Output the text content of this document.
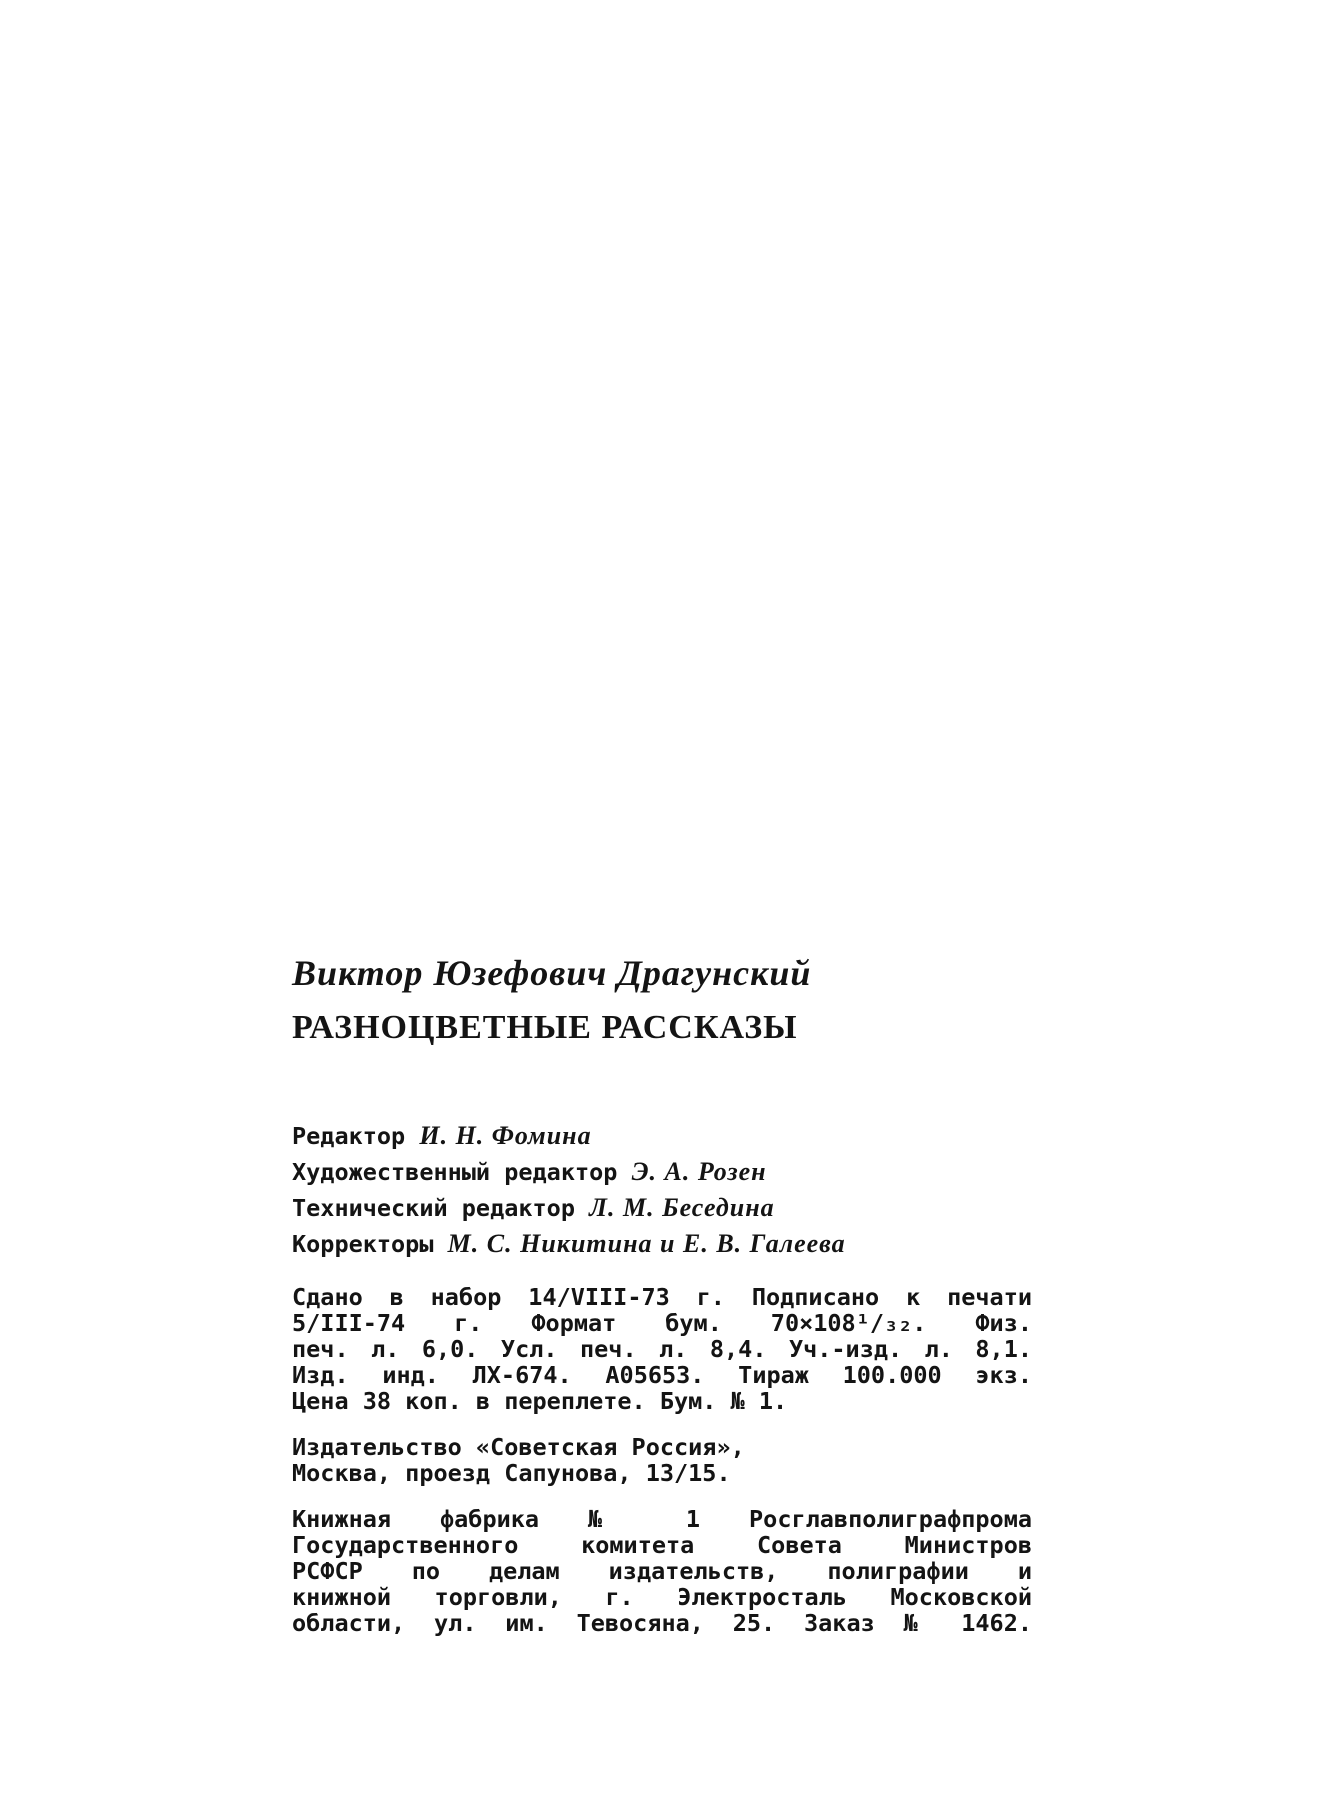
Виктор Юзефович Драгунский
РАЗНОЦВЕТНЫЕ РАССКАЗЫ
Редактор И. Н. Фомина
Художественный редактор Э. А. Розен
Технический редактор Л. М. Беседина
Корректоры М. С. Никитина и Е. В. Галеева
Сдано в набор 14/VIII-73 г. Подписано к печати
5/III-74 г. Формат бум. 70×108¹/₃₂. Физ.
печ. л. 6,0. Усл. печ. л. 8,4. Уч.-изд. л. 8,1.
Изд. инд. ЛХ-674. А05653. Тираж 100.000 экз.
Цена 38 коп. в переплете. Бум. № 1.
Издательство «Советская Россия»,
Москва, проезд Сапунова, 13/15.
Книжная фабрика № 1 Росглавполиграфпрома
Государственного комитета Совета Министров
РСФСР по делам издательств, полиграфии и
книжной торговли, г. Электросталь Московской
области, ул. им. Тевосяна, 25. Заказ № 1462.
